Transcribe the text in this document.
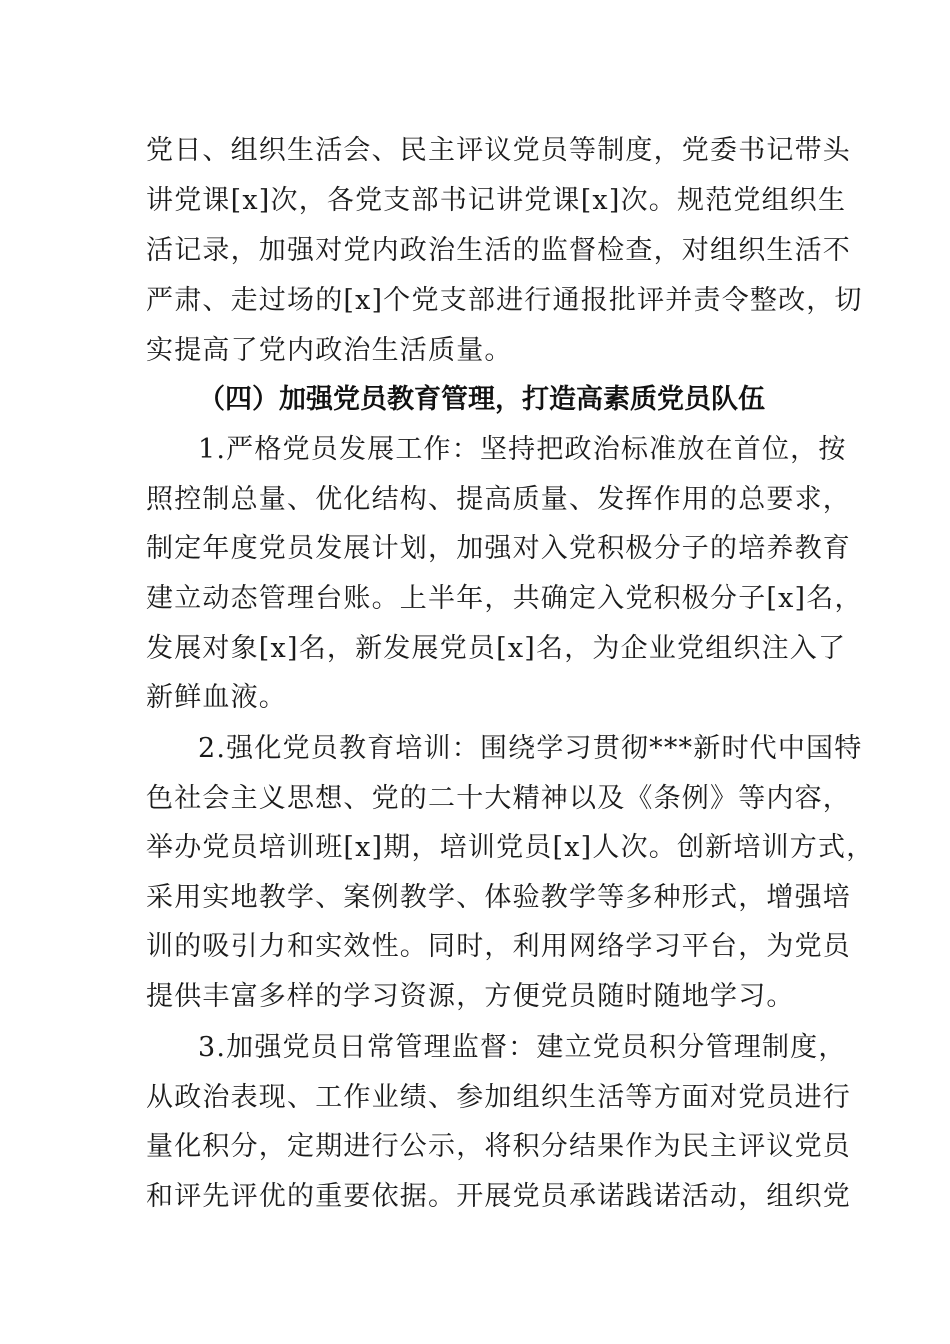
党日、组织生活会、民主评议党员等制度，党委书记带头
讲党课[x]次，各党支部书记讲党课[x]次。规范党组织生
活记录，加强对党内政治生活的监督检查，对组织生活不
严肃、走过场的[x]个党支部进行通报批评并责令整改，切
实提高了党内政治生活质量。
（四）加强党员教育管理，打造高素质党员队伍
1.严格党员发展工作：坚持把政治标准放在首位，按
照控制总量、优化结构、提高质量、发挥作用的总要求，
制定年度党员发展计划，加强对入党积极分子的培养教育
建立动态管理台账。上半年，共确定入党积极分子[x]名，
发展对象[x]名，新发展党员[x]名，为企业党组织注入了
新鲜血液。
2.强化党员教育培训：围绕学习贯彻***新时代中国特
色社会主义思想、党的二十大精神以及《条例》等内容，
举办党员培训班[x]期，培训党员[x]人次。创新培训方式，
采用实地教学、案例教学、体验教学等多种形式，增强培
训的吸引力和实效性。同时，利用网络学习平台，为党员
提供丰富多样的学习资源，方便党员随时随地学习。
3.加强党员日常管理监督：建立党员积分管理制度，
从政治表现、工作业绩、参加组织生活等方面对党员进行
量化积分，定期进行公示，将积分结果作为民主评议党员
和评先评优的重要依据。开展党员承诺践诺活动，组织党
